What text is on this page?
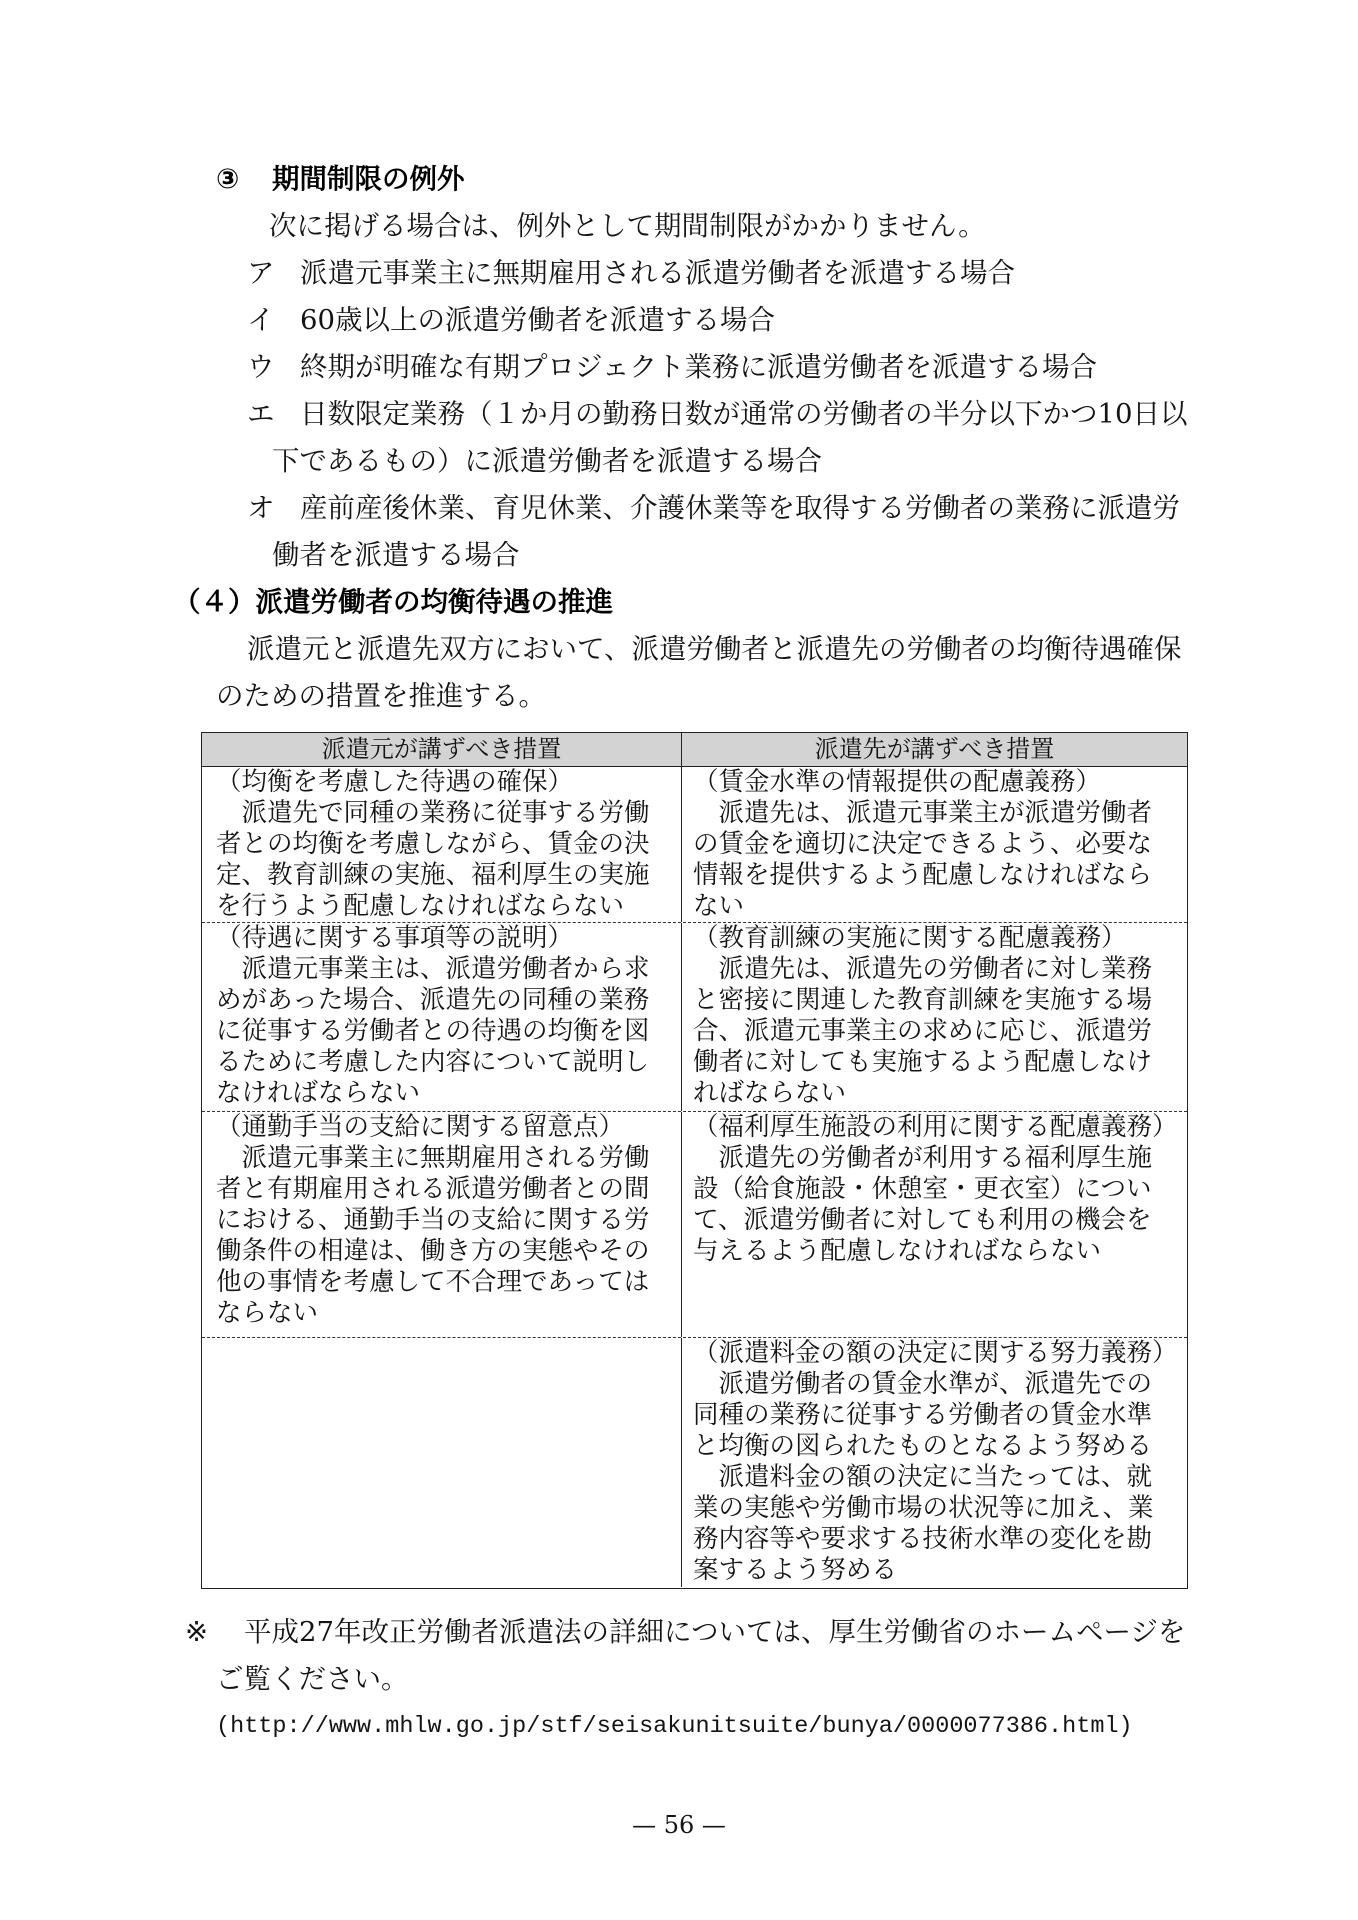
③ 期間制限の例外
次に掲げる場合は、例外として期間制限がかかりません。
ア 派遣元事業主に無期雇用される派遣労働者を派遣する場合
イ 60歳以上の派遣労働者を派遣する場合
ウ 終期が明確な有期プロジェクト業務に派遣労働者を派遣する場合
エ 日数限定業務（１か月の勤務日数が通常の労働者の半分以下かつ10日以
下であるもの）に派遣労働者を派遣する場合
オ 産前産後休業、育児休業、介護休業等を取得する労働者の業務に派遣労
働者を派遣する場合
（４）派遣労働者の均衡待遇の推進
派遣元と派遣先双方において、派遣労働者と派遣先の労働者の均衡待遇確保
のための措置を推進する。
派遣元が講ずべき措置	派遣先が講ずべき措置
（均衡を考慮した待遇の確保）
派遣先で同種の業務に従事する労働
者との均衡を考慮しながら、賃金の決
定、教育訓練の実施、福利厚生の実施
を行うよう配慮しなければならない
（賃金水準の情報提供の配慮義務）
派遣先は、派遣元事業主が派遣労働者
の賃金を適切に決定できるよう、必要な
情報を提供するよう配慮しなければなら
ない
（待遇に関する事項等の説明）
派遣元事業主は、派遣労働者から求
めがあった場合、派遣先の同種の業務
に従事する労働者との待遇の均衡を図
るために考慮した内容について説明し
なければならない
（教育訓練の実施に関する配慮義務）
派遣先は、派遣先の労働者に対し業務
と密接に関連した教育訓練を実施する場
合、派遣元事業主の求めに応じ、派遣労
働者に対しても実施するよう配慮しなけ
ればならない
（通勤手当の支給に関する留意点）
派遣元事業主に無期雇用される労働
者と有期雇用される派遣労働者との間
における、通勤手当の支給に関する労
働条件の相違は、働き方の実態やその
他の事情を考慮して不合理であっては
ならない
（福利厚生施設の利用に関する配慮義務）
派遣先の労働者が利用する福利厚生施
設（給食施設・休憩室・更衣室）につい
て、派遣労働者に対しても利用の機会を
与えるよう配慮しなければならない
（派遣料金の額の決定に関する努力義務）
派遣労働者の賃金水準が、派遣先での
同種の業務に従事する労働者の賃金水準
と均衡の図られたものとなるよう努める
派遣料金の額の決定に当たっては、就
業の実態や労働市場の状況等に加え、業
務内容等や要求する技術水準の変化を勘
案するよう努める
※ 平成27年改正労働者派遣法の詳細については、厚生労働省のホームページを
ご覧ください。
(http://www.mhlw.go.jp/stf/seisakunitsuite/bunya/0000077386.html)
— 56 —
